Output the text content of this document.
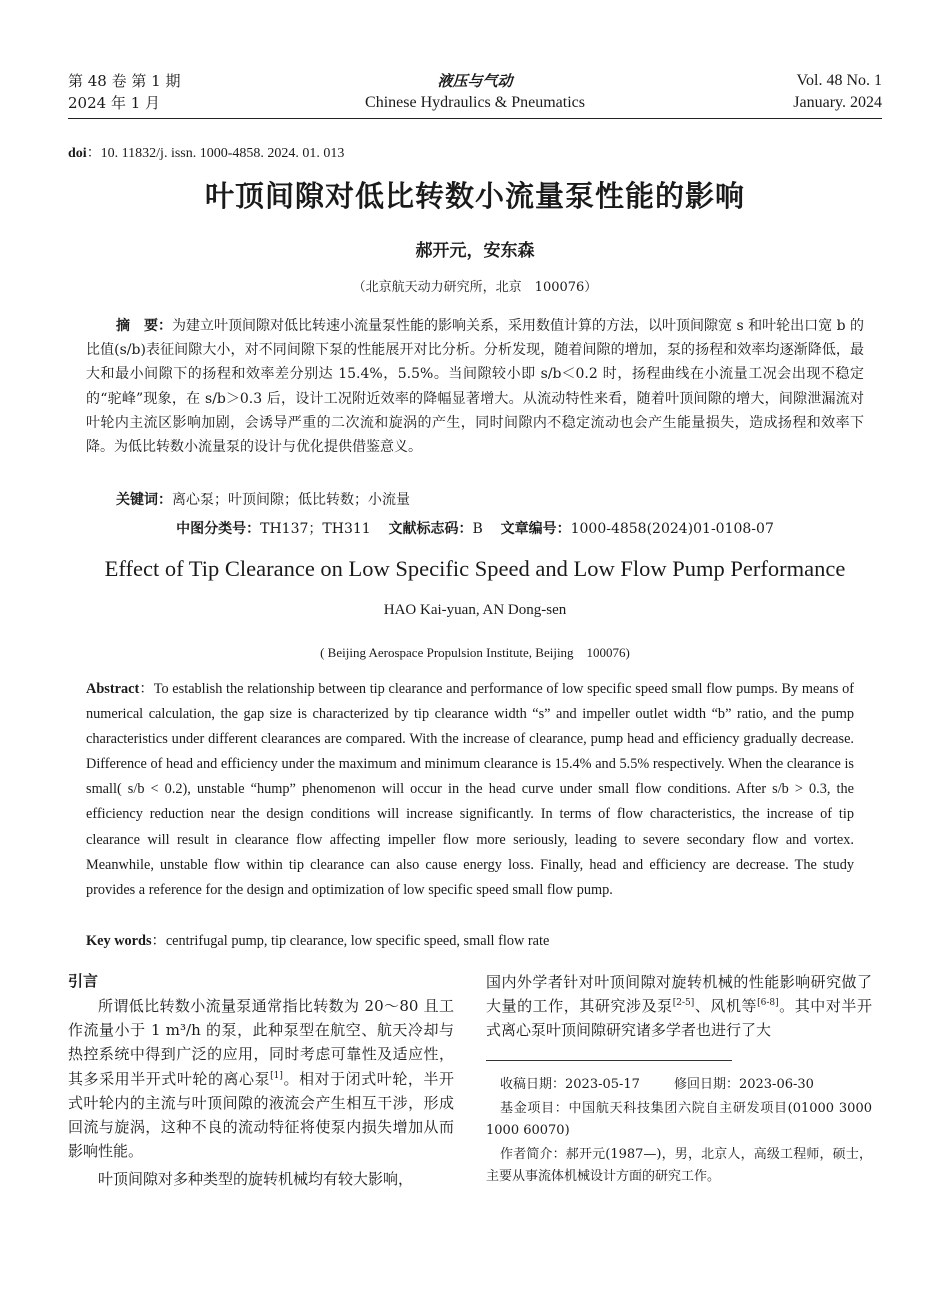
第 48 卷 第 1 期
2024 年 1 月
液压与气动
Chinese Hydraulics & Pneumatics
Vol. 48 No. 1
January. 2024
doi：10. 11832/j. issn. 1000-4858. 2024. 01. 013
叶顶间隙对低比转数小流量泵性能的影响
郝开元，安东森
（北京航天动力研究所，北京　100076）
摘　要：为建立叶顶间隙对低比转速小流量泵性能的影响关系，采用数值计算的方法，以叶顶间隙宽 s 和叶轮出口宽 b 的比值(s/b)表征间隙大小，对不同间隙下泵的性能展开对比分析。分析发现，随着间隙的增加，泵的扬程和效率均逐渐降低，最大和最小间隙下的扬程和效率差分别达 15.4%，5.5%。当间隙较小即 s/b＜0.2 时，扬程曲线在小流量工况会出现不稳定的“驼峰”现象，在 s/b＞0.3 后，设计工况附近效率的降幅显著增大。从流动特性来看，随着叶顶间隙的增大，间隙泄漏流对叶轮内主流区影响加剧，会诱导严重的二次流和旋涡的产生，同时间隙内不稳定流动也会产生能量损失，造成扬程和效率下降。为低比转数小流量泵的设计与优化提供借鉴意义。
关键词：离心泵；叶顶间隙；低比转数；小流量
中图分类号：TH137；TH311 文献标志码：B 文章编号：1000-4858(2024)01-0108-07
Effect of Tip Clearance on Low Specific Speed and Low Flow Pump Performance
HAO Kai-yuan, AN Dong-sen
( Beijing Aerospace Propulsion Institute, Beijing　100076)
Abstract：To establish the relationship between tip clearance and performance of low specific speed small flow pumps. By means of numerical calculation, the gap size is characterized by tip clearance width “s” and impeller outlet width “b” ratio, and the pump characteristics under different clearances are compared. With the increase of clearance, pump head and efficiency gradually decrease. Difference of head and efficiency under the maximum and minimum clearance is 15.4% and 5.5% respectively. When the clearance is small( s/b < 0.2), unstable “hump” phenomenon will occur in the head curve under small flow conditions. After s/b > 0.3, the efficiency reduction near the design conditions will increase significantly. In terms of flow characteristics, the increase of tip clearance will result in clearance flow affecting impeller flow more seriously, leading to severe secondary flow and vortex. Meanwhile, unstable flow within tip clearance can also cause energy loss. Finally, head and efficiency are decrease. The study provides a reference for the design and optimization of low specific speed small flow pump.
Key words：centrifugal pump, tip clearance, low specific speed, small flow rate
引言
所谓低比转数小流量泵通常指比转数为 20～80 且工作流量小于 1 m³/h 的泵，此种泵型在航空、航天冷却与热控系统中得到广泛的应用，同时考虑可靠性及适应性，其多采用半开式叶轮的离心泵[1]。相对于闭式叶轮，半开式叶轮内的主流与叶顶间隙的液流会产生相互干涉，形成回流与旋涡，这种不良的流动特征将使泵内损失增加从而影响性能。
叶顶间隙对多种类型的旋转机械均有较大影响，
国内外学者针对叶顶间隙对旋转机械的性能影响研究做了大量的工作，其研究涉及泵[2-5]、风机等[6-8]。其中对半开式离心泵叶顶间隙研究诸多学者也进行了大
收稿日期：2023-05-17	修回日期：2023-06-30
基金项目：中国航天科技集团六院自主研发项目(01000 3000 1000 60070)
作者简介：郝开元(1987—)，男，北京人，高级工程师，硕士，主要从事流体机械设计方面的研究工作。
